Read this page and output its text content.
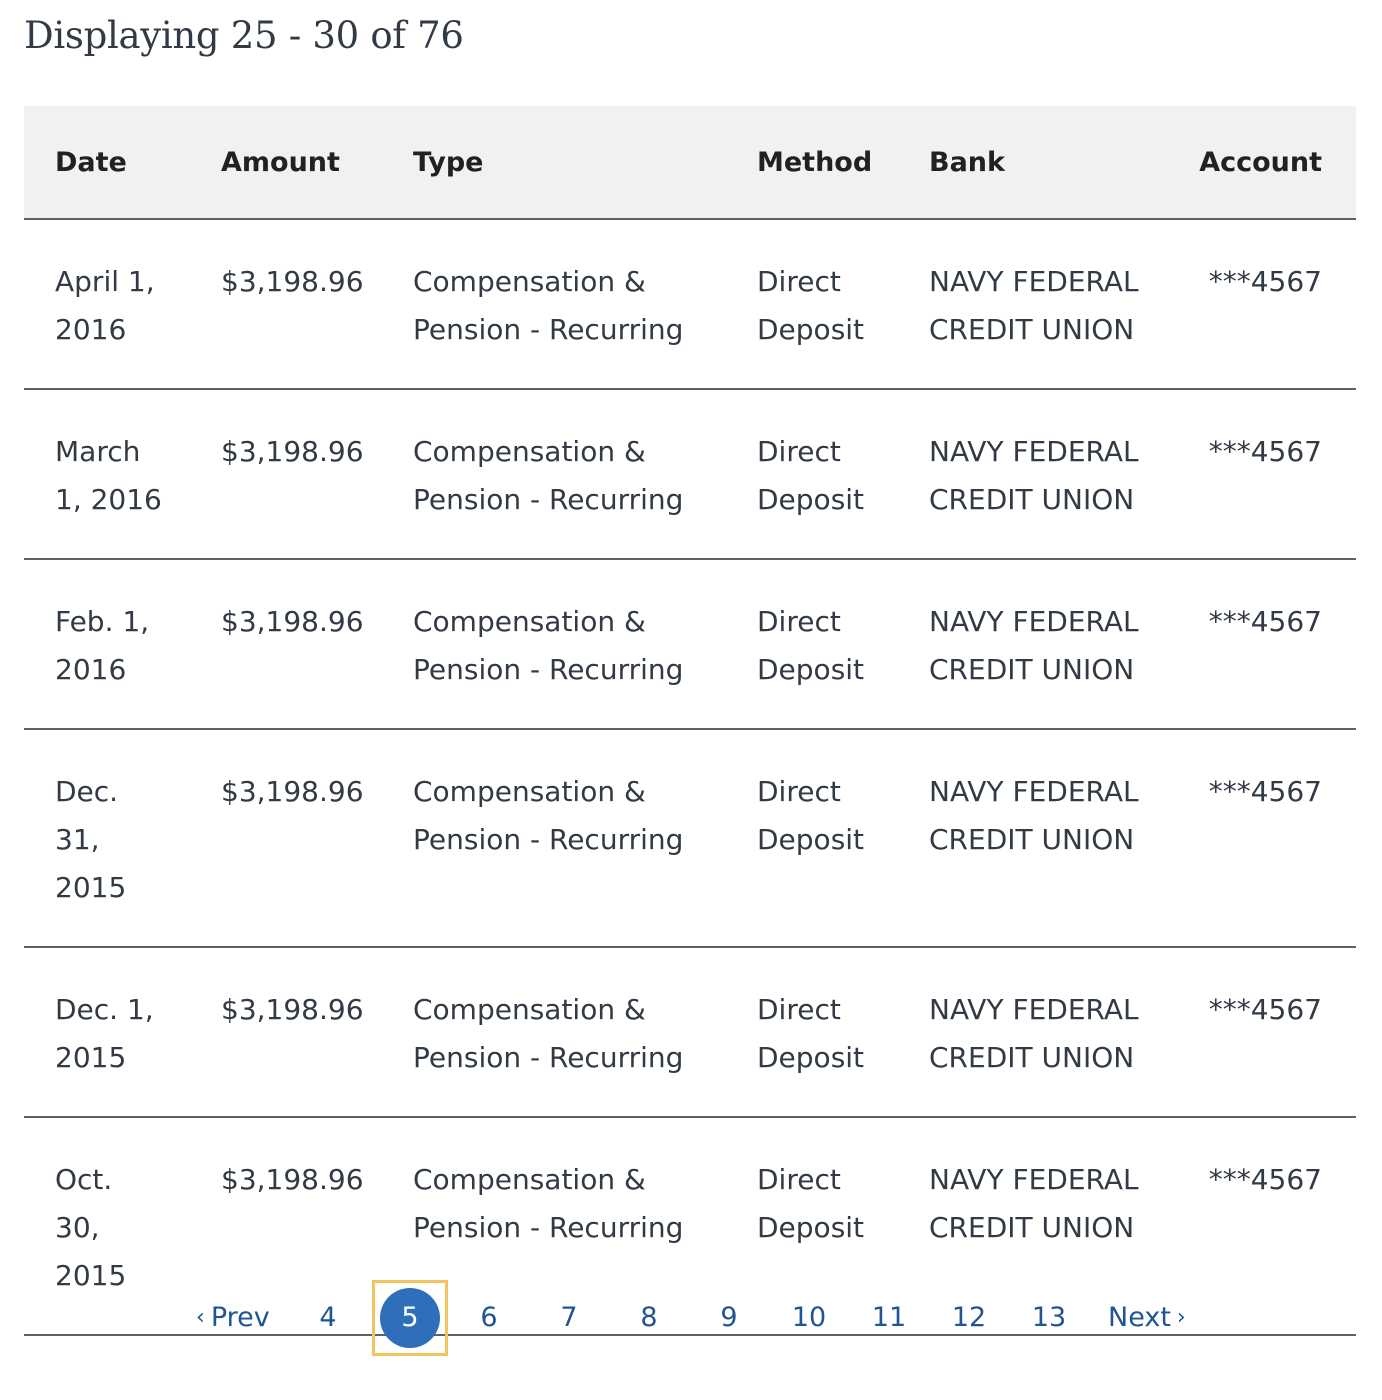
Displaying 25 - 30 of 76
Date	Amount	Type	Method	Bank	Account

April 1, 2016	$3,198.96	Compensation & Pension - Recurring	Direct Deposit	NAVY FEDERAL CREDIT UNION	***4567

March 1, 2016	$3,198.96	Compensation & Pension - Recurring	Direct Deposit	NAVY FEDERAL CREDIT UNION	***4567

Feb. 1, 2016	$3,198.96	Compensation & Pension - Recurring	Direct Deposit	NAVY FEDERAL CREDIT UNION	***4567

Dec. 31, 2015	$3,198.96	Compensation & Pension - Recurring	Direct Deposit	NAVY FEDERAL CREDIT UNION	***4567

Dec. 1, 2015	$3,198.96	Compensation & Pension - Recurring	Direct Deposit	NAVY FEDERAL CREDIT UNION	***4567

Oct. 30, 2015	$3,198.96	Compensation & Pension - Recurring	Direct Deposit	NAVY FEDERAL CREDIT UNION	***4567
‹ Prev	4	5	6	7	8	9	10 11 12 13 Next ›
